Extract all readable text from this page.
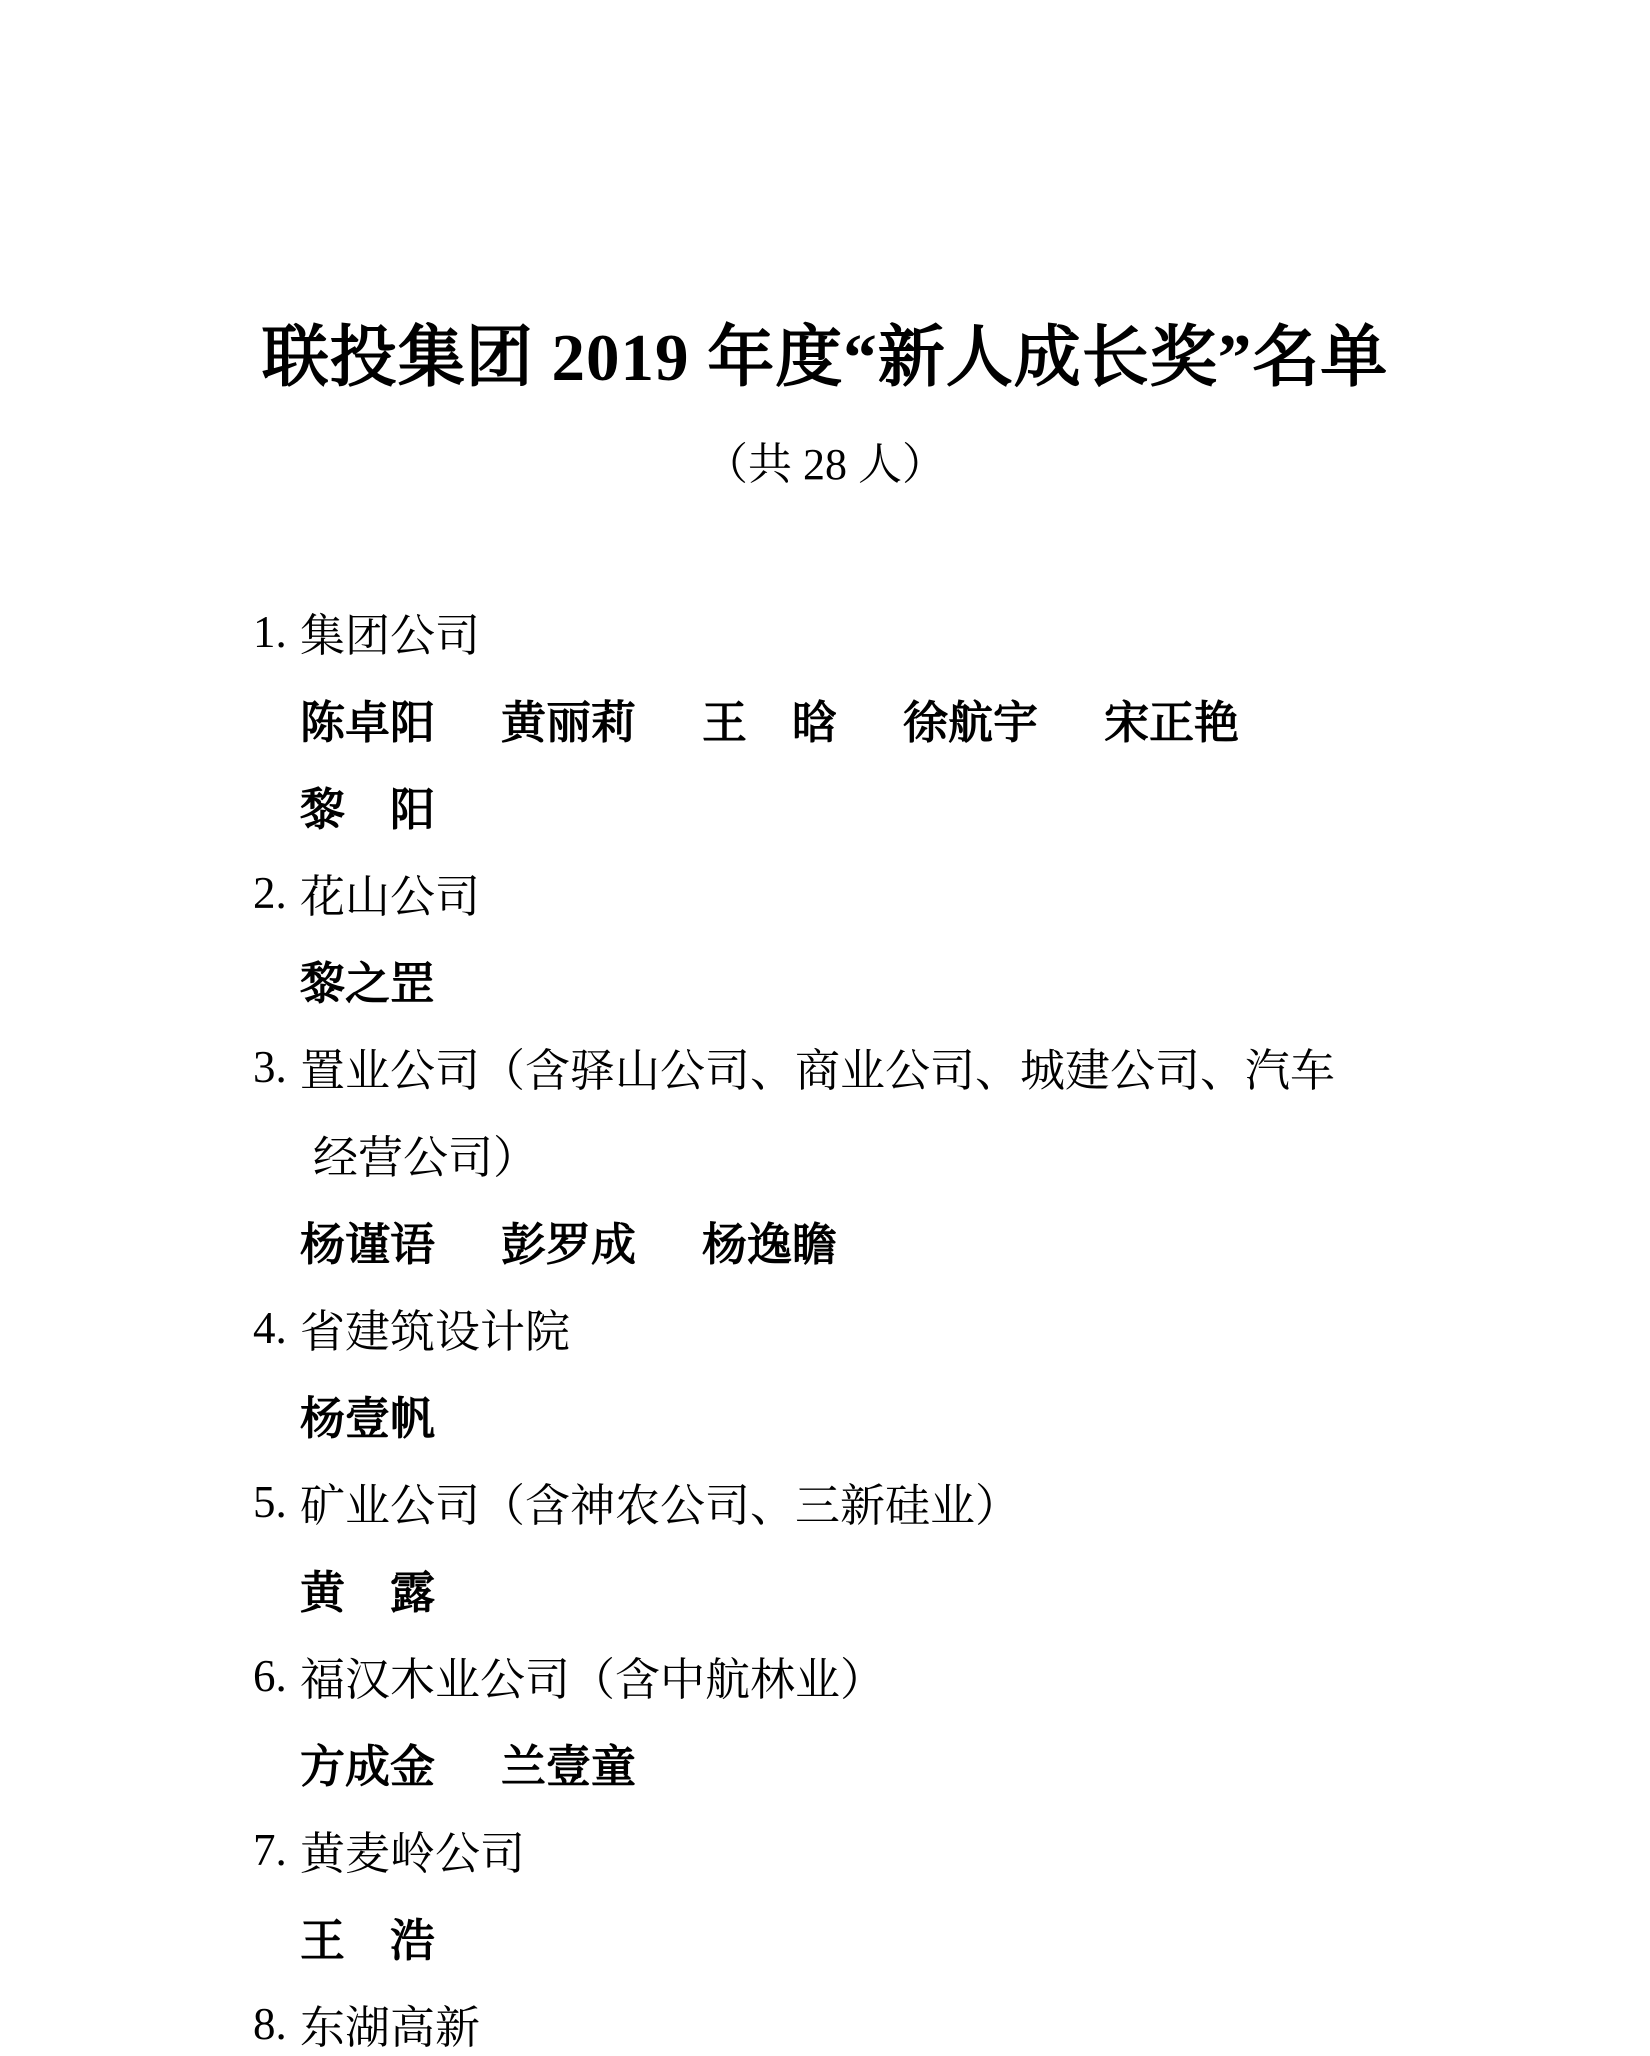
联投集团 2019 年度“新人成长奖”名单
（共 28 人）
1. 集团公司
陈卓阳 黄丽莉 王　晗 徐航宇 宋正艳
黎　阳
2. 花山公司
黎之罡
3. 置业公司（含驿山公司、商业公司、城建公司、汽车
经营公司）
杨谨语 彭罗成 杨逸瞻
4. 省建筑设计院
杨壹帆
5. 矿业公司（含神农公司、三新硅业）
黄　露
6. 福汉木业公司（含中航林业）
方成金 兰壹童
7. 黄麦岭公司
王　浩
8. 东湖高新
